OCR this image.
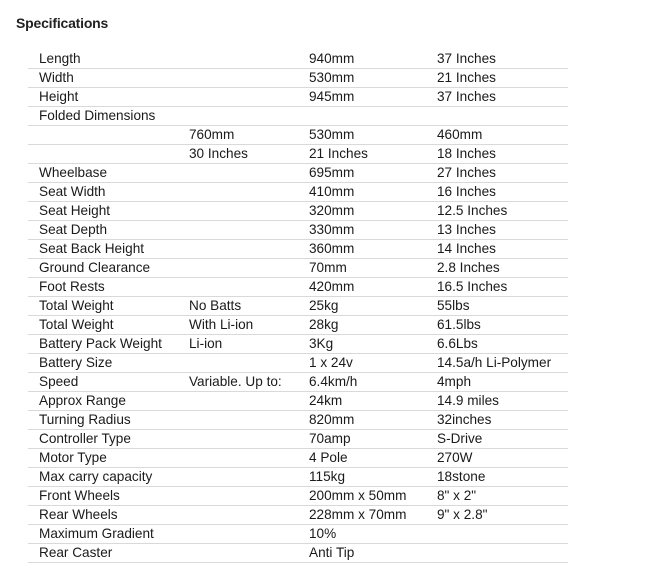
Specifications
Length		940mm	37 Inches
Width		530mm	21 Inches
Height		945mm	37 Inches
Folded Dimensions			
	760mm	530mm	460mm
	30 Inches	21 Inches	18 Inches
Wheelbase		695mm	27 Inches
Seat Width		410mm	16 Inches
Seat Height		320mm	12.5 Inches
Seat Depth		330mm	13 Inches
Seat Back Height		360mm	14 Inches
Ground Clearance		70mm	2.8 Inches
Foot Rests		420mm	16.5 Inches
Total Weight	No Batts	25kg	55lbs
Total Weight	With Li-ion	28kg	61.5lbs
Battery Pack Weight	Li-ion	3Kg	6.6Lbs
Battery Size		1 x 24v	14.5a/h Li-Polymer
Speed	Variable. Up to:	6.4km/h	4mph
Approx Range		24km	14.9 miles
Turning Radius		820mm	32inches
Controller Type		70amp	S-Drive
Motor Type		4 Pole	270W
Max carry capacity		115kg	18stone
Front Wheels		200mm x 50mm	8" x 2"
Rear Wheels		228mm x 70mm	9" x 2.8"
Maximum Gradient		10%	
Rear Caster		Anti Tip	
